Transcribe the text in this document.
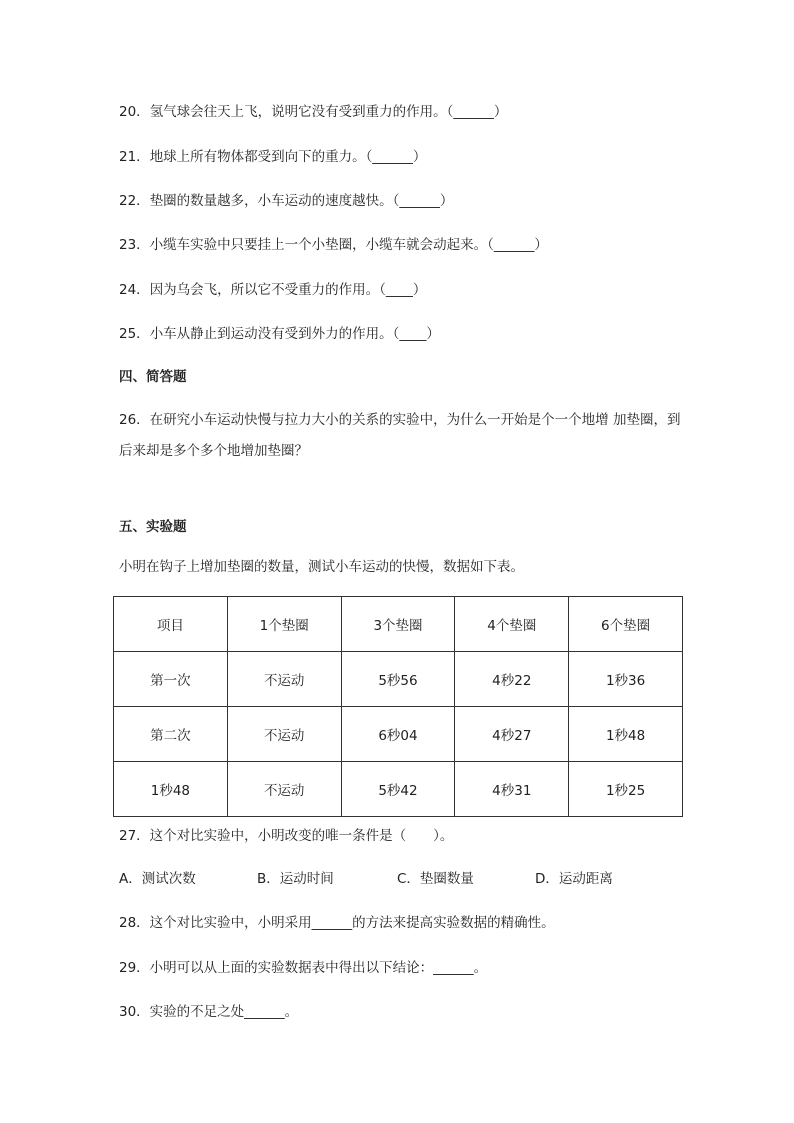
20．氢气球会往天上飞，说明它没有受到重力的作用。（______）
21．地球上所有物体都受到向下的重力。（______）
22．垫圈的数量越多，小车运动的速度越快。（______）
23．小缆车实验中只要挂上一个小垫圈，小缆车就会动起来。（______）
24．因为乌会飞，所以它不受重力的作用。（____）
25．小车从静止到运动没有受到外力的作用。（____）
四、简答题
26．在研究小车运动快慢与拉力大小的关系的实验中，为什么一开始是个一个地增 加垫圈，到后来却是多个多个地增加垫圈？
五、实验题
小明在钩子上增加垫圈的数量，测试小车运动的快慢，数据如下表。
项目	1个垫圈	3个垫圈	4个垫圈	6个垫圈
第一次	不运动	5秒56	4秒22	1秒36
第二次	不运动	6秒04	4秒27	1秒48
1秒48	不运动	5秒42	4秒31	1秒25
27．这个对比实验中，小明改变的唯一条件是（　　）。
A．测试次数	B．运动时间	C．垫圈数量	D．运动距离
28．这个对比实验中，小明采用______的方法来提高实验数据的精确性。
29．小明可以从上面的实验数据表中得出以下结论：______。
30．实验的不足之处______。
